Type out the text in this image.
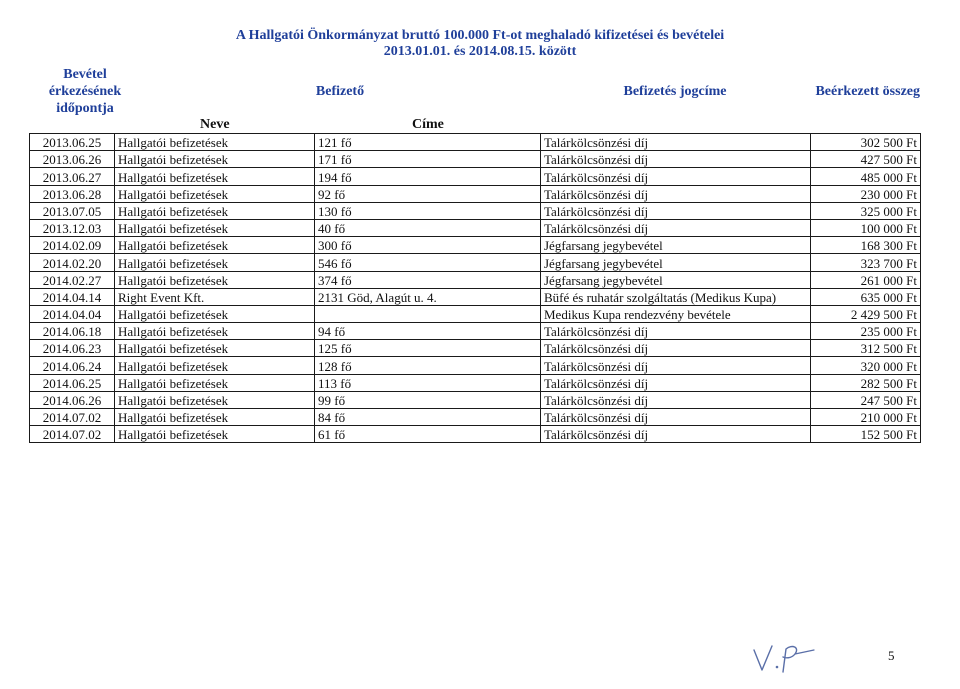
A Hallgatói Önkormányzat bruttó 100.000 Ft-ot meghaladó kifizetései és bevételei
2013.01.01. és 2014.08.15. között
Bevétel
érkezésének
időpontja
Befizető	Befizetés jogcíme	Beérkezett összeg
Neve	Címe
2013.06.25	Hallgatói befizetések	121 fő	Talárkölcsönzési díj	302 500 Ft
2013.06.26	Hallgatói befizetések	171 fő	Talárkölcsönzési díj	427 500 Ft
2013.06.27	Hallgatói befizetések	194 fő	Talárkölcsönzési díj	485 000 Ft
2013.06.28	Hallgatói befizetések	92 fő	Talárkölcsönzési díj	230 000 Ft
2013.07.05	Hallgatói befizetések	130 fő	Talárkölcsönzési díj	325 000 Ft
2013.12.03	Hallgatói befizetések	40 fő	Talárkölcsönzési díj	100 000 Ft
2014.02.09	Hallgatói befizetések	300 fő	Jégfarsang jegybevétel	168 300 Ft
2014.02.20	Hallgatói befizetések	546 fő	Jégfarsang jegybevétel	323 700 Ft
2014.02.27	Hallgatói befizetések	374 fő	Jégfarsang jegybevétel	261 000 Ft
2014.04.14	Right Event Kft.	2131 Göd, Alagút u. 4.	Büfé és ruhatár szolgáltatás (Medikus Kupa)	635 000 Ft
2014.04.04	Hallgatói befizetések		Medikus Kupa rendezvény bevétele	2 429 500 Ft
2014.06.18	Hallgatói befizetések	94 fő	Talárkölcsönzési díj	235 000 Ft
2014.06.23	Hallgatói befizetések	125 fő	Talárkölcsönzési díj	312 500 Ft
2014.06.24	Hallgatói befizetések	128 fő	Talárkölcsönzési díj	320 000 Ft
2014.06.25	Hallgatói befizetések	113 fő	Talárkölcsönzési díj	282 500 Ft
2014.06.26	Hallgatói befizetések	99 fő	Talárkölcsönzési díj	247 500 Ft
2014.07.02	Hallgatói befizetések	84 fő	Talárkölcsönzési díj	210 000 Ft
2014.07.02	Hallgatói befizetések	61 fő	Talárkölcsönzési díj	152 500 Ft
5
